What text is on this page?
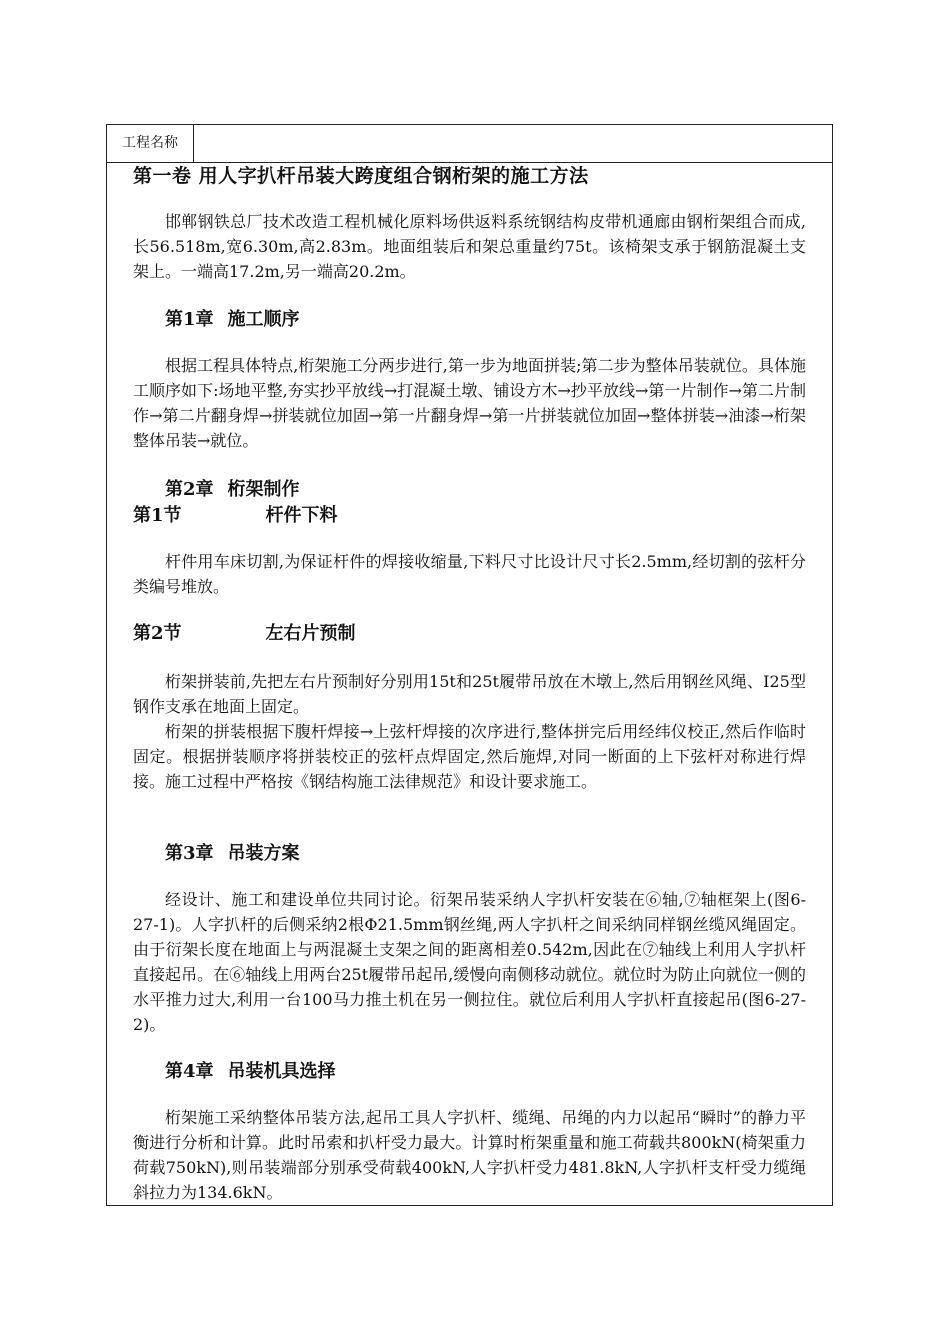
工程名称
第一卷 用人字扒杆吊装大跨度组合钢桁架的施工方法

邯郸钢铁总厂技术改造工程机械化原料场供返料系统钢结构皮带机通廊由钢桁架组合而成,长56.518m,宽6.30m,高2.83m。地面组装后和架总重量约75t。该椅架支承于钢筋混凝土支架上。一端高17.2m,另一端高20.2m。

第1章 施工顺序

根据工程具体特点,桁架施工分两步进行,第一步为地面拼装;第二步为整体吊装就位。具体施工顺序如下:场地平整,夯实抄平放线→打混凝土墩、铺设方木→抄平放线→第一片制作→第二片制作→第二片翻身焊→拼装就位加固→第一片翻身焊→第一片拼装就位加固→整体拼装→油漆→桁架整体吊装→就位。

第2章 桁架制作
第1节	杆件下料

杆件用车床切割,为保证杆件的焊接收缩量,下料尺寸比设计尺寸长2.5mm,经切割的弦杆分类编号堆放。

第2节	左右片预制

桁架拼装前,先把左右片预制好分别用15t和25t履带吊放在木墩上,然后用钢丝风绳、I25型钢作支承在地面上固定。

桁架的拼装根据下腹杆焊接→上弦杆焊接的次序进行,整体拼完后用经纬仪校正,然后作临时固定。根据拼装顺序将拼装校正的弦杆点焊固定,然后施焊,对同一断面的上下弦杆对称进行焊接。施工过程中严格按《钢结构施工法律规范》和设计要求施工。

第3章 吊装方案

经设计、施工和建设单位共同讨论。衍架吊装采纳人字扒杆安装在⑥轴,⑦轴框架上(图6-27-1)。人字扒杆的后侧采纳2根Φ21.5mm钢丝绳,两人字扒杆之间采纳同样钢丝缆风绳固定。由于衍架长度在地面上与两混凝土支架之间的距离相差0.542m,因此在⑦轴线上利用人字扒杆直接起吊。在⑥轴线上用两台25t履带吊起吊,缓慢向南侧移动就位。就位时为防止向就位一侧的水平推力过大,利用一台100马力推土机在另一侧拉住。就位后利用人字扒杆直接起吊(图6-27-2)。

第4章 吊装机具选择

桁架施工采纳整体吊装方法,起吊工具人字扒杆、缆绳、吊绳的内力以起吊“瞬时”的静力平衡进行分析和计算。此时吊索和扒杆受力最大。计算时桁架重量和施工荷载共800kN(椅架重力荷载750kN),则吊装端部分别承受荷载400kN,人字扒杆受力481.8kN,人字扒杆支杆受力缆绳斜拉力为134.6kN。
